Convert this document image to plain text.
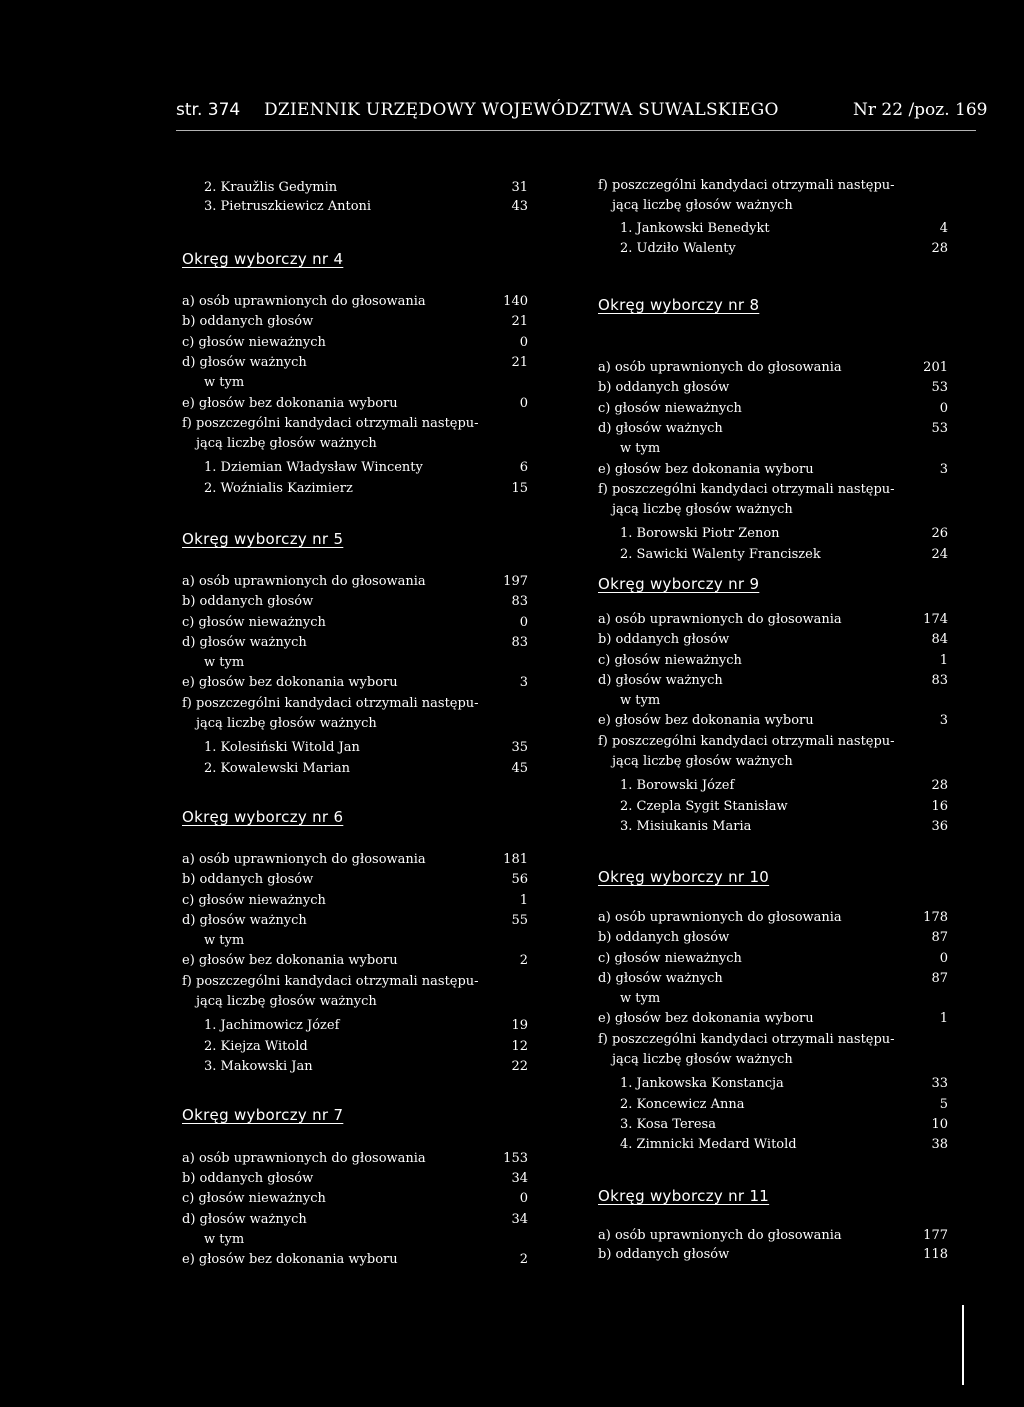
str. 374 DZIENNIK URZĘDOWY WOJEWÓDZTWA SUWALSKIEGO	Nr 22 /poz. 169
2. Kraužlis Gedymin	31
3. Pietruszkiewicz Antoni	43
Okręg wyborczy nr 4
a) osób uprawnionych do głosowania	140
b) oddanych głosów	21
c) głosów nieważnych	0
d) głosów ważnych	21
w tym
e) głosów bez dokonania wyboru	0
f) poszczególni kandydaci otrzymali następu-
jącą liczbę głosów ważnych
1. Dziemian Władysław Wincenty	6
2. Woźnialis Kazimierz	15
Okręg wyborczy nr 5
a) osób uprawnionych do głosowania	197
b) oddanych głosów	83
c) głosów nieważnych	0
d) głosów ważnych	83
w tym
e) głosów bez dokonania wyboru	3
f) poszczególni kandydaci otrzymali następu-
jącą liczbę głosów ważnych
1. Kolesiński Witold Jan	35
2. Kowalewski Marian	45
Okręg wyborczy nr 6
a) osób uprawnionych do głosowania	181
b) oddanych głosów	56
c) głosów nieważnych	1
d) głosów ważnych	55
w tym
e) głosów bez dokonania wyboru	2
f) poszczególni kandydaci otrzymali następu-
jącą liczbę głosów ważnych
1. Jachimowicz Józef	19
2. Kiejza Witold	12
3. Makowski Jan	22
Okręg wyborczy nr 7
a) osób uprawnionych do głosowania	153
b) oddanych głosów	34
c) głosów nieważnych	0
d) głosów ważnych	34
w tym
e) głosów bez dokonania wyboru	2
f) poszczególni kandydaci otrzymali następu-
jącą liczbę głosów ważnych
1. Jankowski Benedykt	4
2. Udziło Walenty	28
Okręg wyborczy nr 8
a) osób uprawnionych do głosowania	201
b) oddanych głosów	53
c) głosów nieważnych	0
d) głosów ważnych	53
w tym
e) głosów bez dokonania wyboru	3
f) poszczególni kandydaci otrzymali następu-
jącą liczbę głosów ważnych
1. Borowski Piotr Zenon	26
2. Sawicki Walenty Franciszek	24
Okręg wyborczy nr 9
a) osób uprawnionych do głosowania	174
b) oddanych głosów	84
c) głosów nieważnych	1
d) głosów ważnych	83
w tym
e) głosów bez dokonania wyboru	3
f) poszczególni kandydaci otrzymali następu-
jącą liczbę głosów ważnych
1. Borowski Józef	28
2. Czepla Sygit Stanisław	16
3. Misiukanis Maria	36
Okręg wyborczy nr 10
a) osób uprawnionych do głosowania	178
b) oddanych głosów	87
c) głosów nieważnych	0
d) głosów ważnych	87
w tym
e) głosów bez dokonania wyboru	1
f) poszczególni kandydaci otrzymali następu-
jącą liczbę głosów ważnych
1. Jankowska Konstancja	33
2. Koncewicz Anna	5
3. Kosa Teresa	10
4. Zimnicki Medard Witold	38
Okręg wyborczy nr 11
a) osób uprawnionych do głosowania	177
b) oddanych głosów	118
